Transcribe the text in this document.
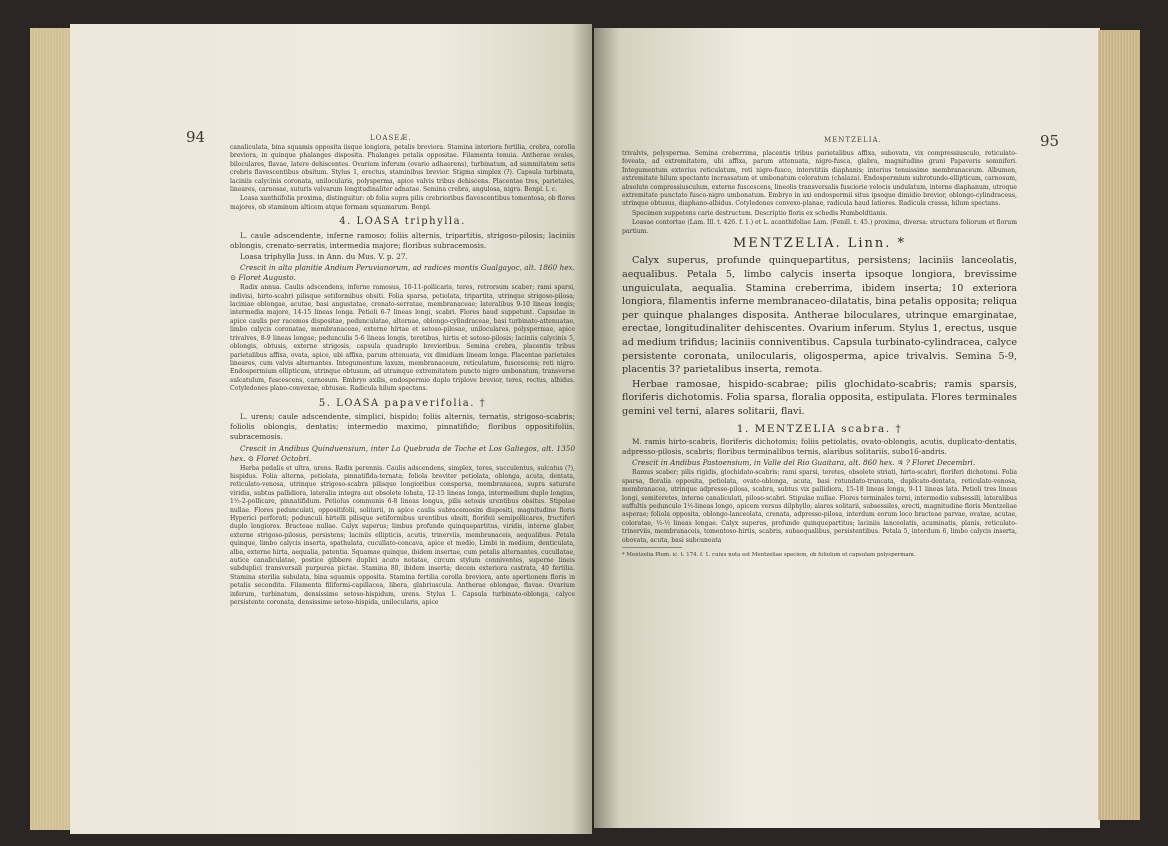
94	LOASEÆ.

canaliculata, bina squamis opposita iisque longiora, petalis breviora. Stamina interiora fertilia, crebra, corolla breviora, in quinque phalanges disposita. Phalanges petalis oppositae. Filamenta tenuia. Antherae ovales, biloculares, flavae, latere dehiscentes. Ovarium inferum (ovario adhaerens), turbinatum, ad summitatem setis crebris flavescentibus obsitum. Stylus 1, erectus, staminibus brevior. Stigma simplex (?). Capsula turbinata, laciniis calycinis coronata, unilocularis, polysperma, apice valvis tribus dehiscens. Placentae tres, parietales, lineares, carnosae, suturis valvarum longitudinaliter adnatae. Semina crebra, angulosa, nigra. Bonpl. l. c.

Loasa xanthiifolia proxima, distinguitur: ob folia supra pilis crebrioribus flavescentibus tomentosa, ob flores majores, ob staminum alticem atque formam squamarum. Bonpl.

4. LOASA triphylla.

L. caule adscendente, inferne ramoso; foliis alternis, tripartitis, strigoso-pilosis; laciniis oblongis, crenato-serratis, intermedia majore; floribus subracemosis.

Loasa triphylla Juss. in Ann. du Mus. V. p. 27.

Crescit in alta planitie Andium Peruvianorum, ad radices montis Gualgayoc, alt. 1860 hex. ⊙ Floret Augusto.

Radix annua. Caulis adscendens, inferne ramosus, 10-11-pollicaris, teres, retrorsum scaber; rami sparsi, indivisi, hirto-scabri pilisque setiformibus obsiti. Folia sparsa, petiolata, tripartita, utrinque strigoso-pilosa; laciniae oblongae, acutae, basi angustatae, crenato-serratae, membranaceae; lateralibus 9-10 lineas longis; intermedia majore, 14-15 lineas longa. Petioli 6-7 lineas longi, scabri. Flores haud suppetunt. Capsulae in apice caulis per racemos dispositae, pedunculatae, alternae, oblongo-cylindraceae, basi turbinato-attenuatae, limbo calycis coronatae, membranaceae, externe hirtae et setoso-pilosae, uniloculares, polyspermae, apice trivalves, 8-9 lineas longae; pedunculis 5-6 lineas longis, teretibus, hirtis et setoso-pilosis; laciniis calycinis 5, oblongis, obtusis, externe strigosis, capsula quadruplo brevioribus. Semina crebra, placentis tribus parietalibus affixa, ovata, apice, ubi affixa, parum attenuata, vix dimidiam lineam longa. Placentae parietales lineares, cum valvis alternantes. Integumentum laxum, membranaceum, reticulatum, fuscescens; reti nigro. Endospermium ellipticum, utrinque obtusum, ad utramque extremitatem puncto nigro umbonatum, transverse sulcatulum, fuscescens, carnosum. Embryo axilis, endospermio duplo triplove brevior, teres, rectus, albidus. Cotyledones plano-convexae, obtusae. Radicula hilum spectans.

5. LOASA papaverifolia. †

L. urens; caule adscendente, simplici, hispido; foliis alternis, ternatis, strigoso-scabris; foliolis oblongis, dentatis; intermedio maximo, pinnatifido; floribus oppositifoliis, subracemosis.

Crescit in Andibus Quinduensium, inter La Quebrada de Toche et Los Galiegos, alt. 1350 hex. ⊙ Floret Octobri.

Herba pedalis et ultra, urens. Radix perennis. Caulis adscendens, simplex, teres, succulentus, sulcatus (?), hispidus. Folia alterna, petiolata, pinnatifida-ternata; foliola breviter petiolata, oblonga, acuta, dentata, reticulato-venosa, utrinque strigoso-scabra pilisque longioribus conspersa, membranacea, supra saturate viridia, subtus pallidiora, lateralia integra aut obsolete lobata, 12-15 lineas longa, intermedium duplo longius, 1½-2-pollicare, pinnatifidum. Petiolus communis 6-8 lineas longus, pilis setosis urentibus obsitus. Stipulae nullae. Flores pedunculati, oppositifolii, solitarii, in apice caulis subracemosim dispositi, magnitudine floris Hyperici perforati; pedunculi hirtelli pilisque setiformibus urentibus obsiti, florifeii semipollicares, fructiferi duplo longiores. Bracteae nullae. Calyx superus; limbus profunde quinquepartitus, viridis, interne glaber, externe strigoso-pilosus, persistens; laciniis ellipticis, acutis, trinerviis, membranaceis, aequalibus. Petala quinque, limbo calycis inserta, spathulata, cucullato-concava, apice et medio, Limbi in medium, denticulata, alba, externe hirta, aequalia, patentia. Squamae quinque, ibidem insertae, cum petalis alternantes, cucullatae, autice canaliculatae, postice gibbere duplici acuto notatae, circum stylum conniventes, superne lineis subduplici transversali purpurea pictae. Stamina 80, ibidem inserta; decem exteriora castrata, 40 fertilia. Stamina sterilia subulata, bina squamis opposita. Stamina fertilia corolla breviora, ante apertionem floris in petalis secondita. Filamenta filiformi-capillacea, libera, glabriuscula. Antherae oblongae, flavae. Ovarium inferum, turbinatum, densissime setoso-hispidum, urens. Stylus 1. Capsula turbinato-oblonga, calyce persistente coronata, densissime setoso-hispida, unilocularis, apice

MENTZELIA.	95

trivalvis, polysperma. Semina creberrima, placentis tribus parietalibus affixa, subovata, vix compressiusculo, reticulato-foveata, ad extremitatem, ubi affixa, parum attenuata, nigro-fusca, glabra, magnitudine grani Papaveris somniferi. Integumentum exterius reticulatum, reti nigro-fusco, interstitiis diaphanis; interius tenuissime membranaceum. Albumen, extremitate hilum spectante incrassatum et umbonatum coloratum (chalaza). Endospermium subrotundo-ellipticum, carnosum, absolute compressiusculum, externe fuscescens, lineolis transversalis fusciorie velocis undulatum, interne diaphanum, utroque extremitate punctato fusco-nigro umbonatum. Embryo in axi endospermii situs ipsoque dimidio brevior, oblongo-cylindraceus, utrinque obtusus, diaphano-albidus. Cotyledones convexo-planae, radicula haud latiores. Radicula crassa, hilum spectans.

Specimen suppetens carie destructum. Descriptio floris ex schedis Humboldtianis.

Loasae contortae (Lam. Ill. t. 426. f. 1.) et L. acanthifoliae Lam. (Fenill. t. 45.) proxima, diversa: structura foliorum et florum partium.

MENTZELIA. Linn. *

Calyx superus, profunde quinquepartitus, persistens; laciniis lanceolatis, aequalibus. Petala 5, limbo calycis inserta ipsoque longiora, brevissime unguiculata, aequalia. Stamina creberrima, ibidem inserta; 10 exteriora longiora, filamentis inferne membranaceo-dilatatis, bina petalis opposita; reliqua per quinque phalanges disposita. Antherae biloculares, utrinque emarginatae, erectae, longitudinaliter dehiscentes. Ovarium inferum. Stylus 1, erectus, usque ad medium trifidus; laciniis conniventibus. Capsula turbinato-cylindracea, calyce persistente coronata, unilocularis, oligosperma, apice trivalvis. Semina 5-9, placentis 3? parietalibus inserta, remota.

Herbae ramosae, hispido-scabrae; pilis glochidato-scabris; ramis sparsis, floriferis dichotomis. Folia sparsa, floralia opposita, estipulata. Flores terminales gemini vel terni, alares solitarii, flavi.

1. MENTZELIA scabra. †

M. ramis hirto-scabris, floriferis dichotomis; foliis petiolatis, ovato-oblongis, acutis, duplicato-dentatis, adpresso-pilosis, scabris; floribus terminalibus ternis, alaribus solitariis, subo16-andris.

Crescit in Andibus Pastoensium, in Valle del Rio Guaitara, alt. 860 hex. ♃ ? Floret Decembri.

Ramus scaber; pilis rigidis, glochidato-scabris; rami sparsi, teretes, obsolete striati, hirto-scabri, floriferi dichotomi. Folia sparsa, floralia opposita, petiolata, ovato-oblonga, acuta, basi rotundato-truncata, duplicato-dentata, reticulato-venosa, membranacea, utrinque adpresso-pilosa, scabra, subtus vix pallidiora, 15-18 lineas longa, 9-11 lineas lata. Petioli tres lineas longi, semiteretes, interne canaliculati, piloso-scabri. Stipulae nullae. Flores terminales terni, intermedio subsessili, lateralibus suffultis pedunculo 1½-lineas longo, apicem versus dilphyllo; alares solitarii, subsessiles, erecti, magnitudine floris Mentzeliae asperae; foliola opposita, oblongo-lanceolata, crenata, adpresso-pilosa, interdum eorum loco bracteae parvae, ovatae, acutae, coloratae, ½-½ lineas longae. Calyx superus, profunde quinquepartitus; laciniis lanceolatis, acuminatis, planis, reticulato-trinerviis, membranaceis, tomentoso-hirtis, scabris, subaequalibus, persistentibus. Petala 5, interdum 6, limbo calycis inserta, obovata, acuta, basi subcuneata

* Mentzelia Plum. ic. t. 174. f. 1. cuius nota est Mentzeliae speciem, ob foliolum et capsulam polyspermam.
